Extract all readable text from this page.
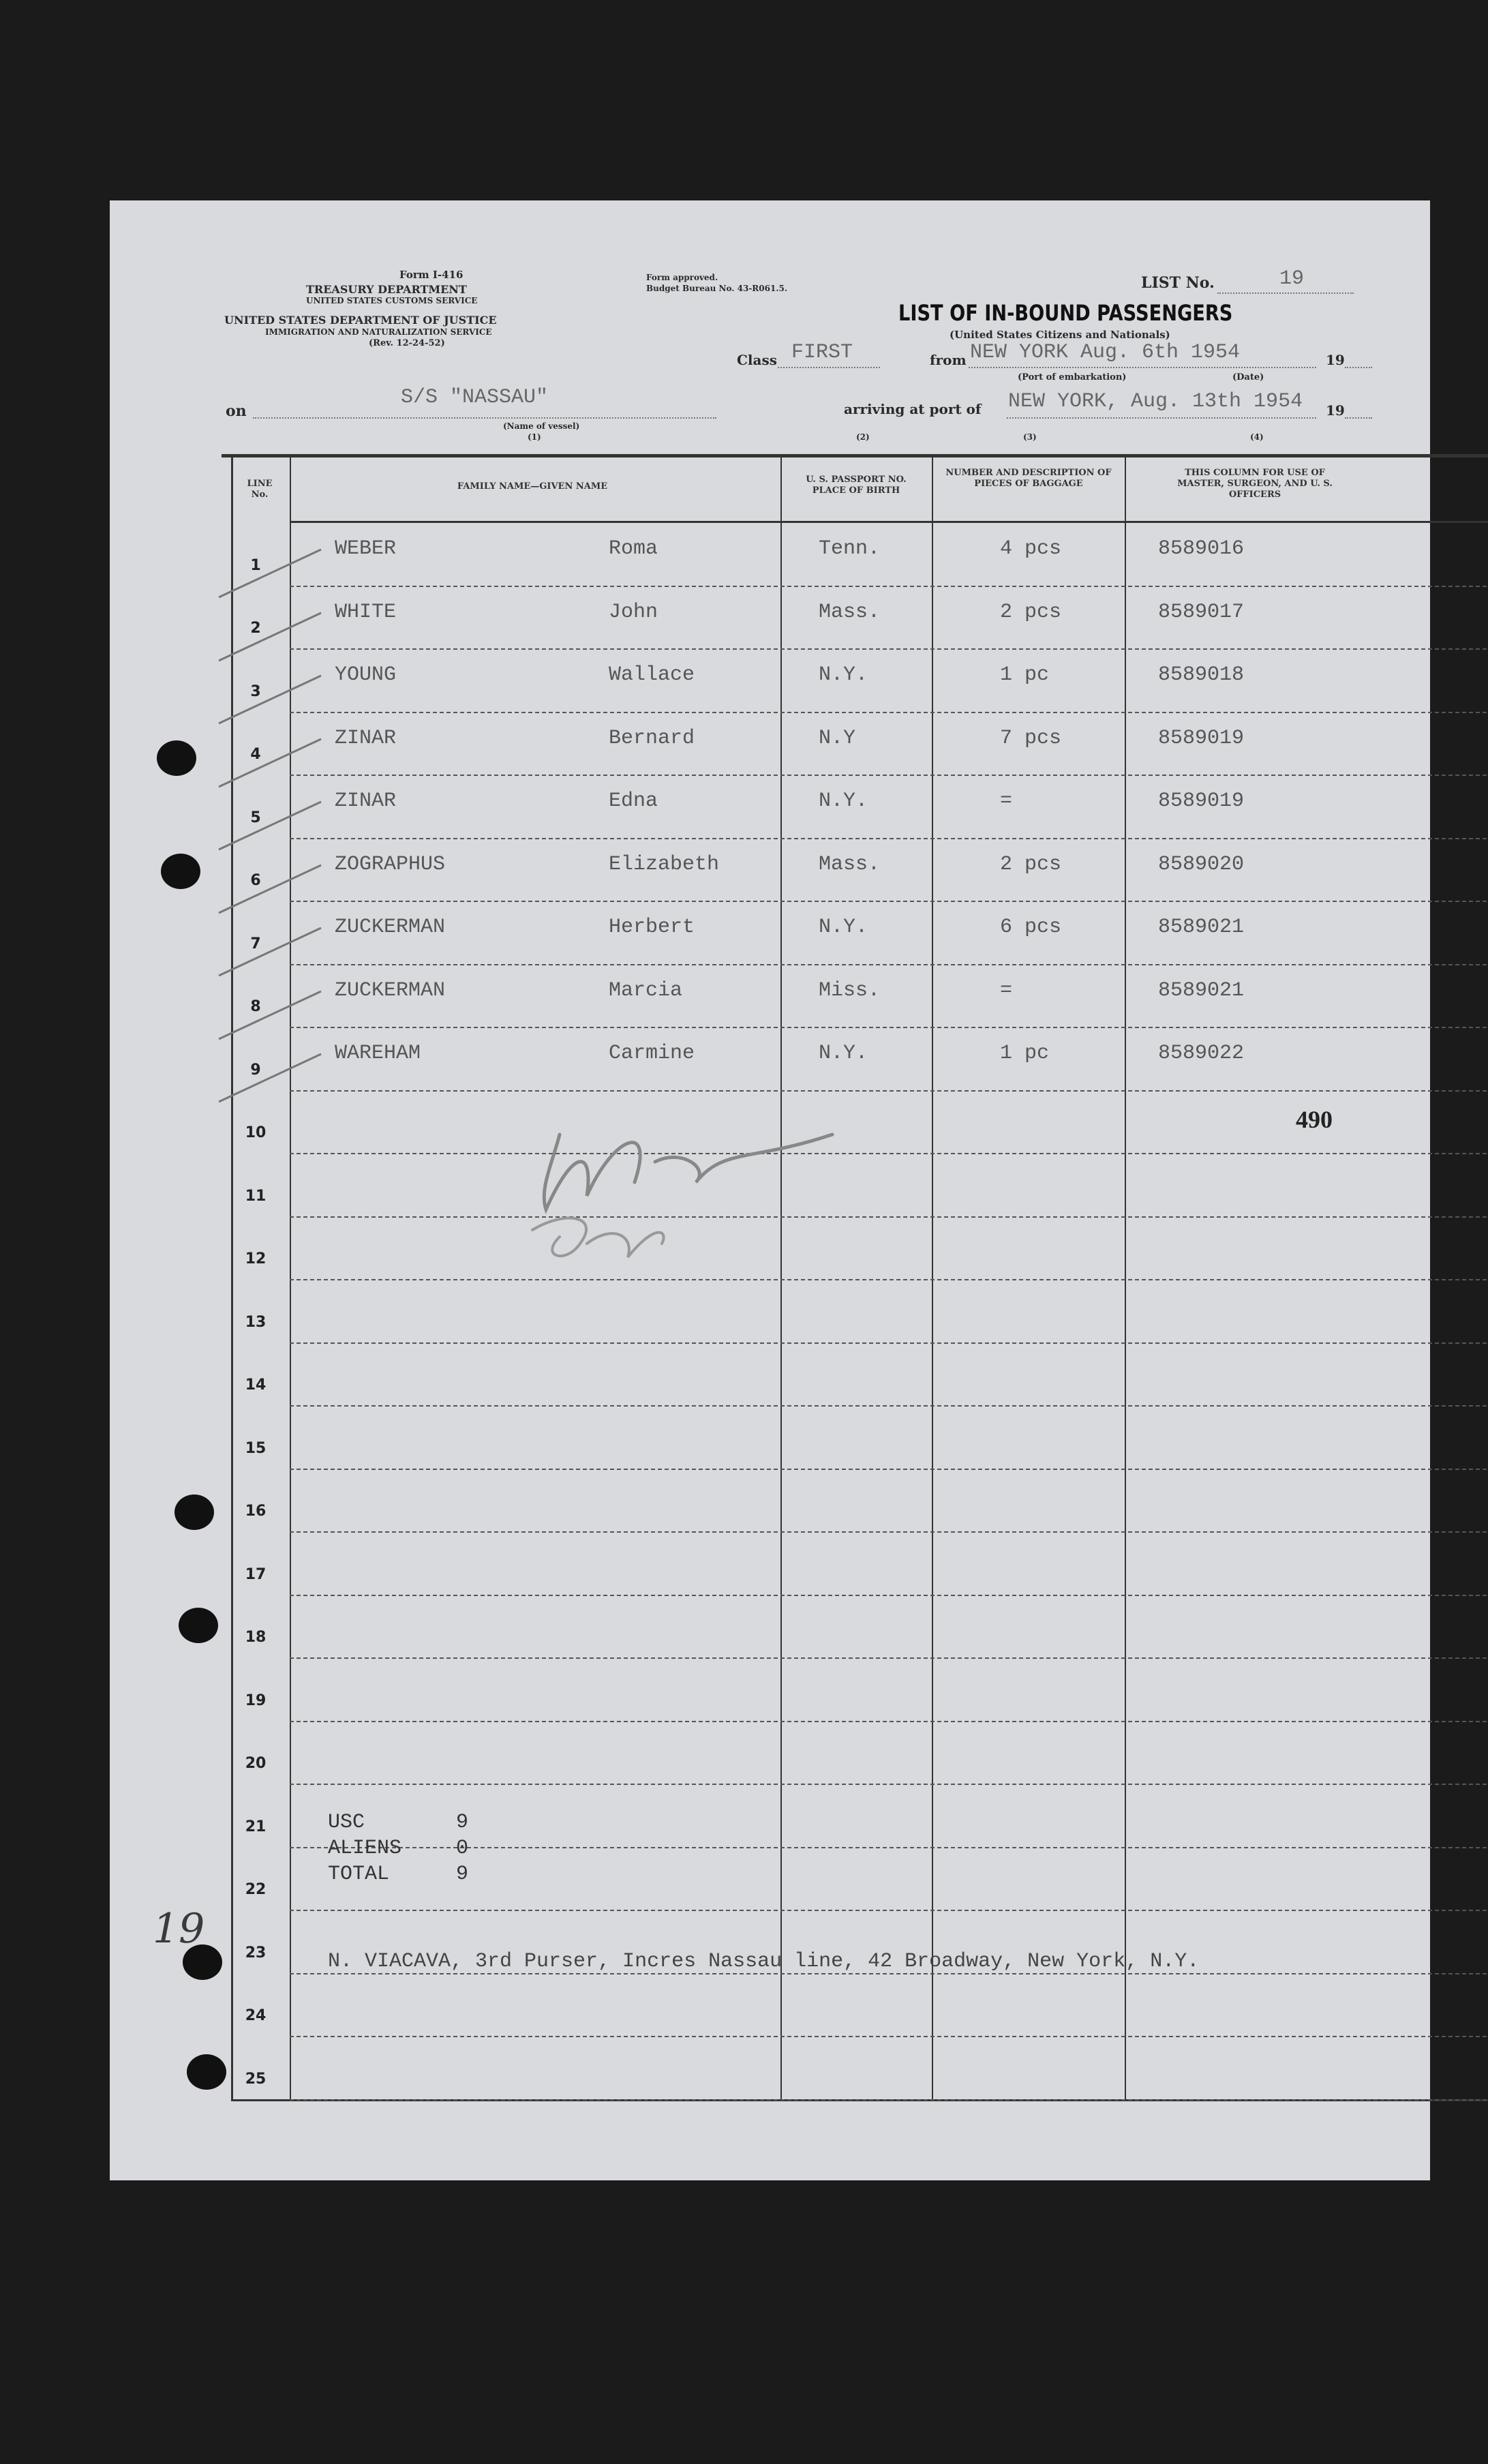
Form I-416
TREASURY DEPARTMENT
UNITED STATES CUSTOMS SERVICE
UNITED STATES DEPARTMENT OF JUSTICE
IMMIGRATION AND NATURALIZATION SERVICE
(Rev. 12-24-52)
Form approved.
Budget Bureau No. 43-R061.5.	LIST No.	19
LIST OF IN-BOUND PASSENGERS
(United States Citizens and Nationals)
Class FIRST	from NEW YORK Aug. 6th 1954	19
(Port of embarkation)	(Date)
on
S/S "NASSAU"	arriving at port of NEW YORK, Aug. 13th 1954 19
(Name of vessel)
(1)	(2)	(3)	(4)
LINE No.
FAMILY NAME—GIVEN NAME
U. S. PASSPORT NO. PLACE OF BIRTH
NUMBER AND DESCRIPTION OF PIECES OF BAGGAGE
THIS COLUMN FOR USE OF MASTER, SURGEON, AND U. S. OFFICERS
1
WEBER	Roma	Tenn.	4 pcs	8589016
2
WHITE	John	Mass.	2 pcs	8589017
3
YOUNG	Wallace	N.Y.	1 pc	8589018
4
ZINAR	Bernard	N.Y	7 pcs	8589019
5
ZINAR	Edna	N.Y.	=	8589019
6
ZOGRAPHUS	Elizabeth	Mass.	2 pcs	8589020
7
ZUCKERMAN	Herbert	N.Y.	6 pcs	8589021
8
ZUCKERMAN	Marcia	Miss.	=	8589021
9
WAREHAM	Carmine	N.Y.	1 pc	8589022
10	490
11
12
13
14
15
16
17
18
19
20
21
22
23
24
25
USC	9
ALIENS	0
TOTAL	9
N. VIACAVA, 3rd Purser, Incres Nassau line, 42 Broadway, New York, N.Y.
19
